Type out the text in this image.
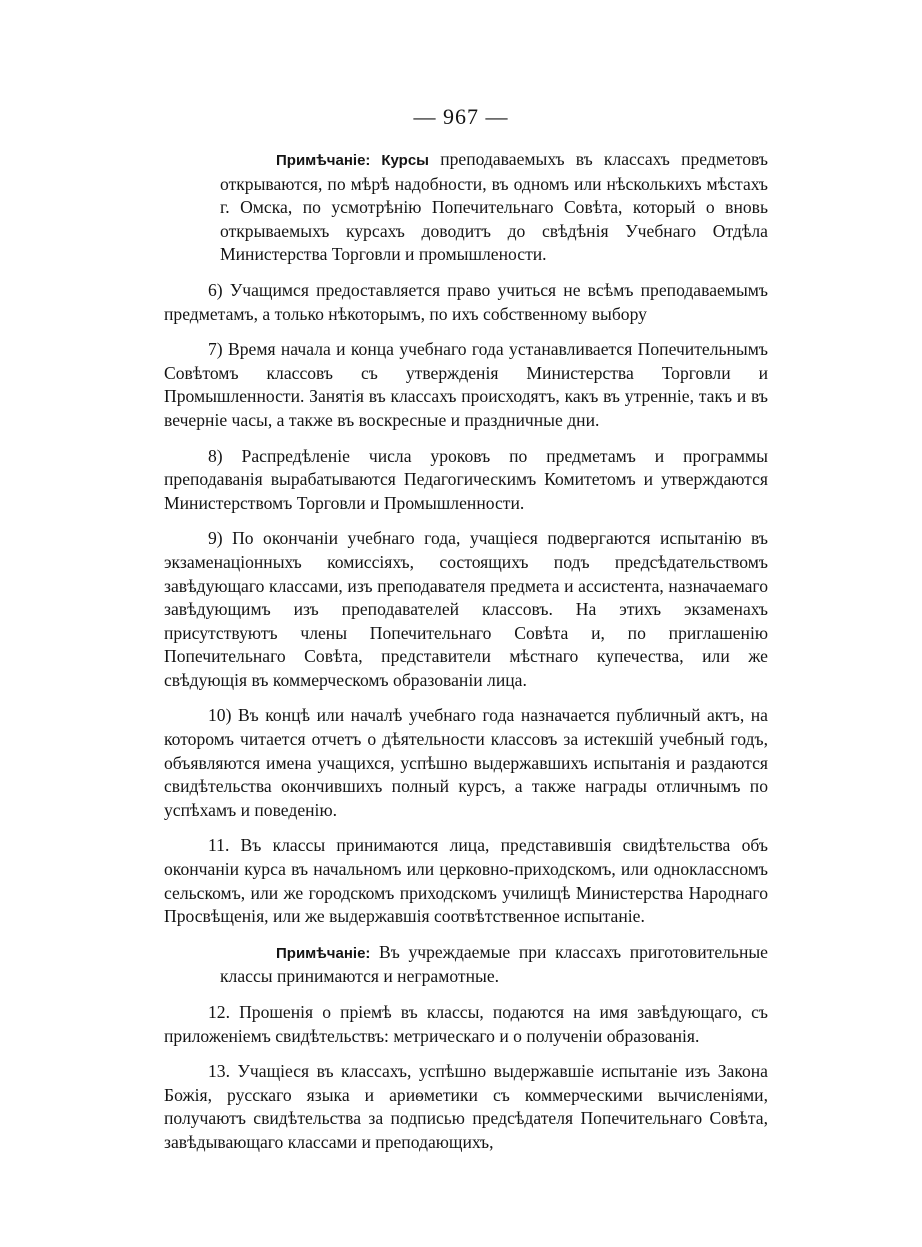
— 967 —

Примѣчаніе: Курсы преподаваемыхъ въ классахъ предметовъ открываются, по мѣрѣ надобности, въ одномъ или нѣсколькихъ мѣстахъ г. Омска, по усмотрѣнію Попечительнаго Совѣта, который о вновь открываемыхъ курсахъ доводитъ до свѣдѣнія Учебнаго Отдѣла Министерства Торговли и промышлености.

6) Учащимся предоставляется право учиться не всѣмъ преподаваемымъ предметамъ, а только нѣкоторымъ, по ихъ собственному выбору

7) Время начала и конца учебнаго года устанавливается Попечительнымъ Совѣтомъ классовъ съ утвержденія Министерства Торговли и Промышленности. Занятія въ классахъ происходятъ, какъ въ утренніе, такъ и въ вечерніе часы, а также въ воскресные и праздничные дни.

8) Распредѣленіе числа уроковъ по предметамъ и программы преподаванія вырабатываются Педагогическимъ Комитетомъ и утверждаются Министерствомъ Торговли и Промышленности.

9) По окончаніи учебнаго года, учащіеся подвергаются испытанію въ экзаменаціонныхъ комиссіяхъ, состоящихъ подъ предсѣдательствомъ завѣдующаго классами, изъ преподавателя предмета и ассистента, назначаемаго завѣдующимъ изъ преподавателей классовъ. На этихъ экзаменахъ присутствуютъ члены Попечительнаго Совѣта и, по приглашенію Попечительнаго Совѣта, представители мѣстнаго купечества, или же свѣдующія въ коммерческомъ образованіи лица.

10) Въ концѣ или началѣ учебнаго года назначается публичный актъ, на которомъ читается отчетъ о дѣятельности классовъ за истекшій учебный годъ, объявляются имена учащихся, успѣшно выдержавшихъ испытанія и раздаются свидѣтельства окончившихъ полный курсъ, а также награды отличнымъ по успѣхамъ и поведенію.

11. Въ классы принимаются лица, представившія свидѣтельства объ окончаніи курса въ начальномъ или церковно-приходскомъ, или одноклассномъ сельскомъ, или же городскомъ приходскомъ училищѣ Министерства Народнаго Просвѣщенія, или же выдержавшія соотвѣтственное испытаніе.

Примѣчаніе: Въ учреждаемые при классахъ приготовительные классы принимаются и неграмотные.

12. Прошенія о пріемѣ въ классы, подаются на имя завѣдующаго, съ приложеніемъ свидѣтельствъ: метрическаго и о полученіи образованія.

13. Учащіеся въ классахъ, успѣшно выдержавшіе испытаніе изъ Закона Божія, русскаго языка и ариѳметики съ коммерческими вычисленіями, получаютъ свидѣтельства за подписью предсѣдателя Попечительнаго Совѣта, завѣдывающаго классами и преподающихъ,
